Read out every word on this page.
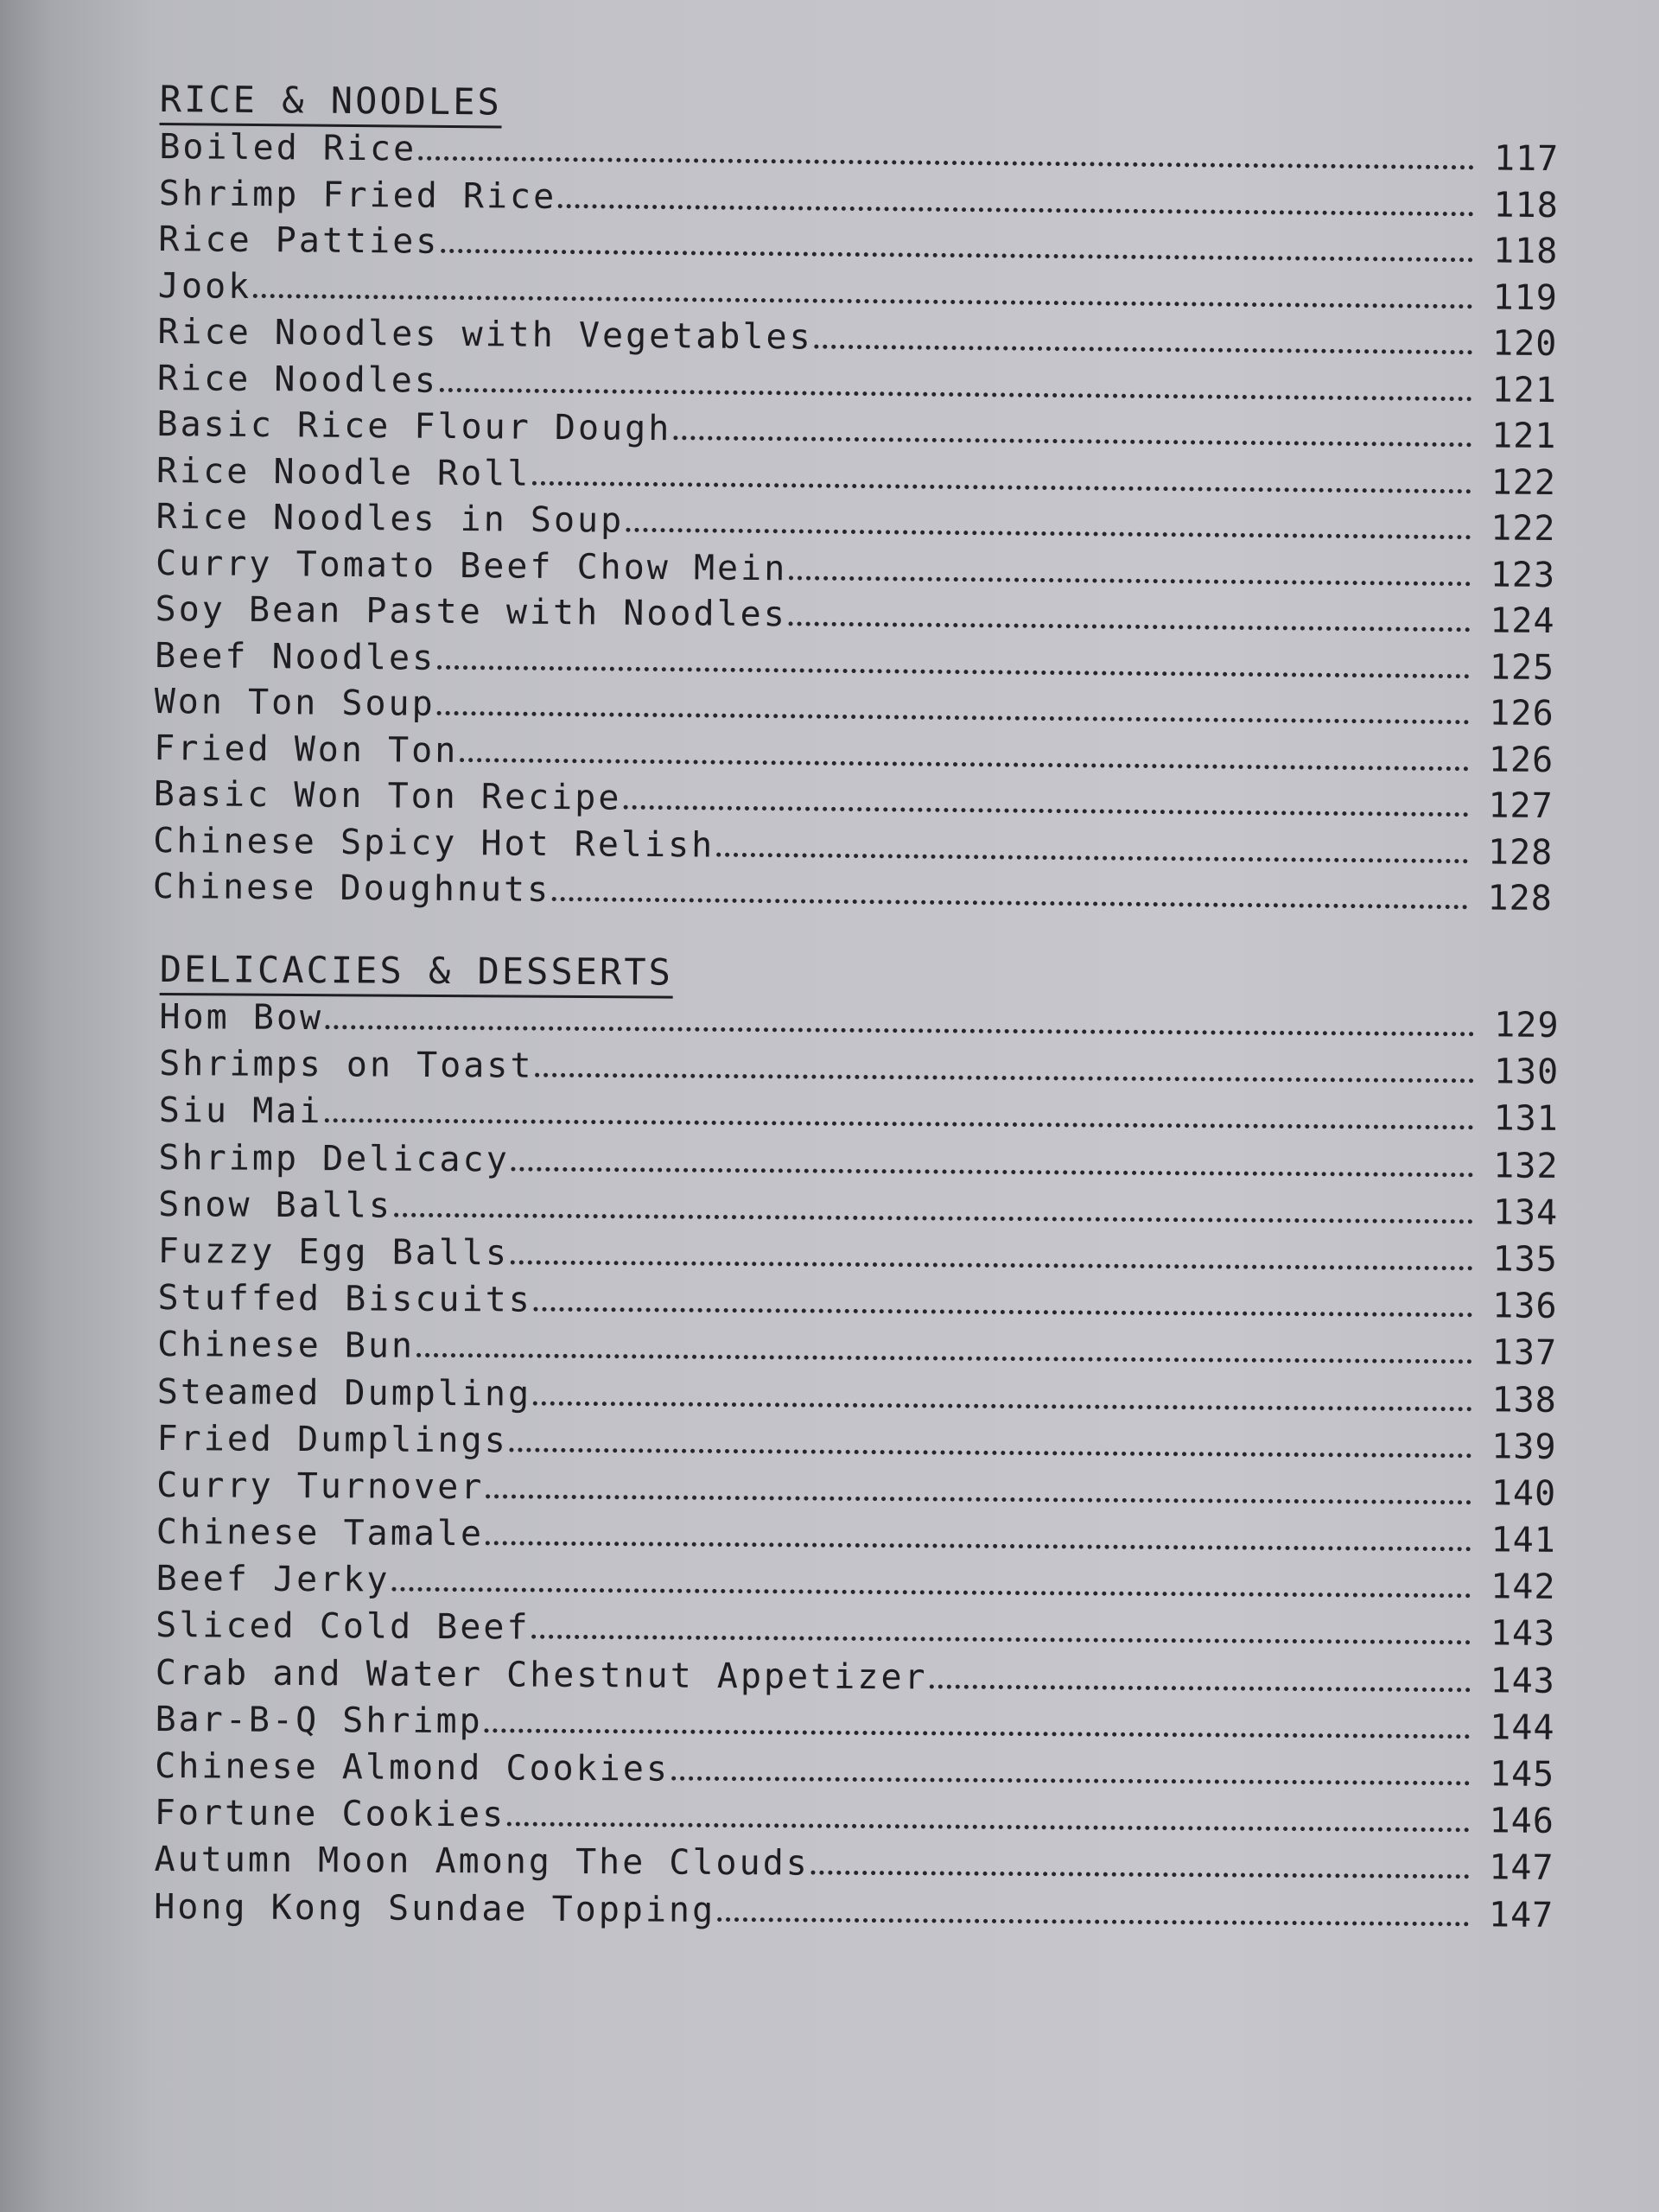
RICE & NOODLES
Boiled Rice	117
Shrimp Fried Rice	118
Rice Patties	118
Jook	119
Rice Noodles with Vegetables	120
Rice Noodles	121
Basic Rice Flour Dough	121
Rice Noodle Roll	122
Rice Noodles in Soup	122
Curry Tomato Beef Chow Mein	123
Soy Bean Paste with Noodles	124
Beef Noodles	125
Won Ton Soup	126
Fried Won Ton	126
Basic Won Ton Recipe	127
Chinese Spicy Hot Relish	128
Chinese Doughnuts	128
DELICACIES & DESSERTS
Hom Bow	129
Shrimps on Toast	130
Siu Mai	131
Shrimp Delicacy	132
Snow Balls	134
Fuzzy Egg Balls	135
Stuffed Biscuits	136
Chinese Bun	137
Steamed Dumpling	138
Fried Dumplings	139
Curry Turnover	140
Chinese Tamale	141
Beef Jerky	142
Sliced Cold Beef	143
Crab and Water Chestnut Appetizer	143
Bar-B-Q Shrimp	144
Chinese Almond Cookies	145
Fortune Cookies	146
Autumn Moon Among The Clouds	147
Hong Kong Sundae Topping	147
